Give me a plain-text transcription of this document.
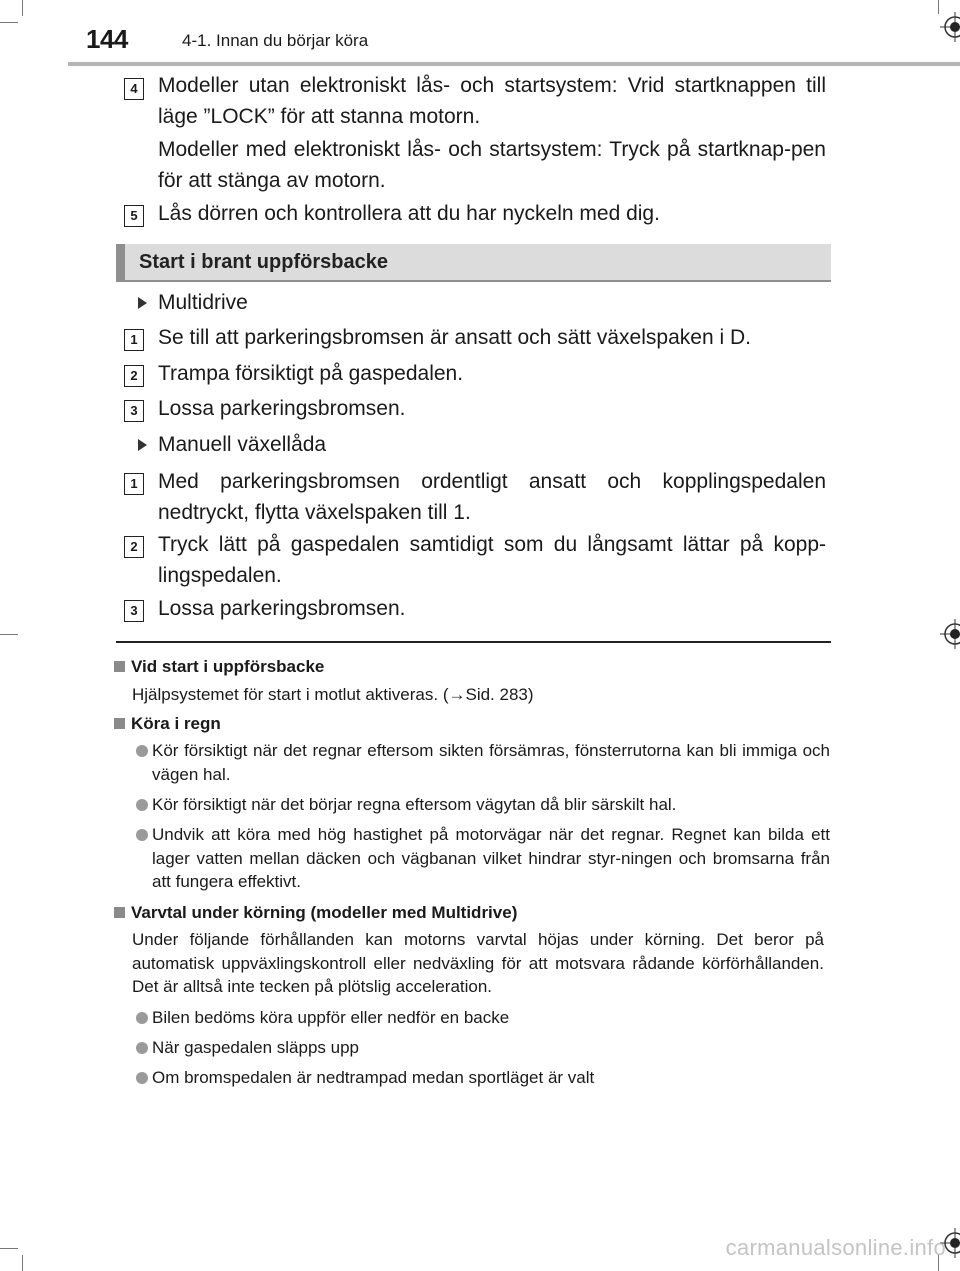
144	4-1. Innan du börjar köra
4 Modeller utan elektroniskt lås- och startsystem: Vrid startknappen till läge ”LOCK” för att stanna motorn.
Modeller med elektroniskt lås- och startsystem: Tryck på startknap-pen för att stänga av motorn.
5 Lås dörren och kontrollera att du har nyckeln med dig.
Start i brant uppförsbacke
Multidrive
1 Se till att parkeringsbromsen är ansatt och sätt växelspaken i D.
2 Trampa försiktigt på gaspedalen.
3 Lossa parkeringsbromsen.
Manuell växellåda
1 Med parkeringsbromsen ordentligt ansatt och kopplingspedalen nedtryckt, flytta växelspaken till 1.
2 Tryck lätt på gaspedalen samtidigt som du långsamt lättar på kopp-lingspedalen.
3 Lossa parkeringsbromsen.
Vid start i uppförsbacke
Hjälpsystemet för start i motlut aktiveras. (→Sid. 283)
Köra i regn
Kör försiktigt när det regnar eftersom sikten försämras, fönsterrutorna kan bli immiga och vägen hal.
Kör försiktigt när det börjar regna eftersom vägytan då blir särskilt hal.
Undvik att köra med hög hastighet på motorvägar när det regnar. Regnet kan bilda ett lager vatten mellan däcken och vägbanan vilket hindrar styr-ningen och bromsarna från att fungera effektivt.
Varvtal under körning (modeller med Multidrive)
Under följande förhållanden kan motorns varvtal höjas under körning. Det beror på automatisk uppväxlingskontroll eller nedväxling för att motsvara rådande körförhållanden. Det är alltså inte tecken på plötslig acceleration.
Bilen bedöms köra uppför eller nedför en backe
När gaspedalen släpps upp
Om bromspedalen är nedtrampad medan sportläget är valt
carmanualsonline.info
